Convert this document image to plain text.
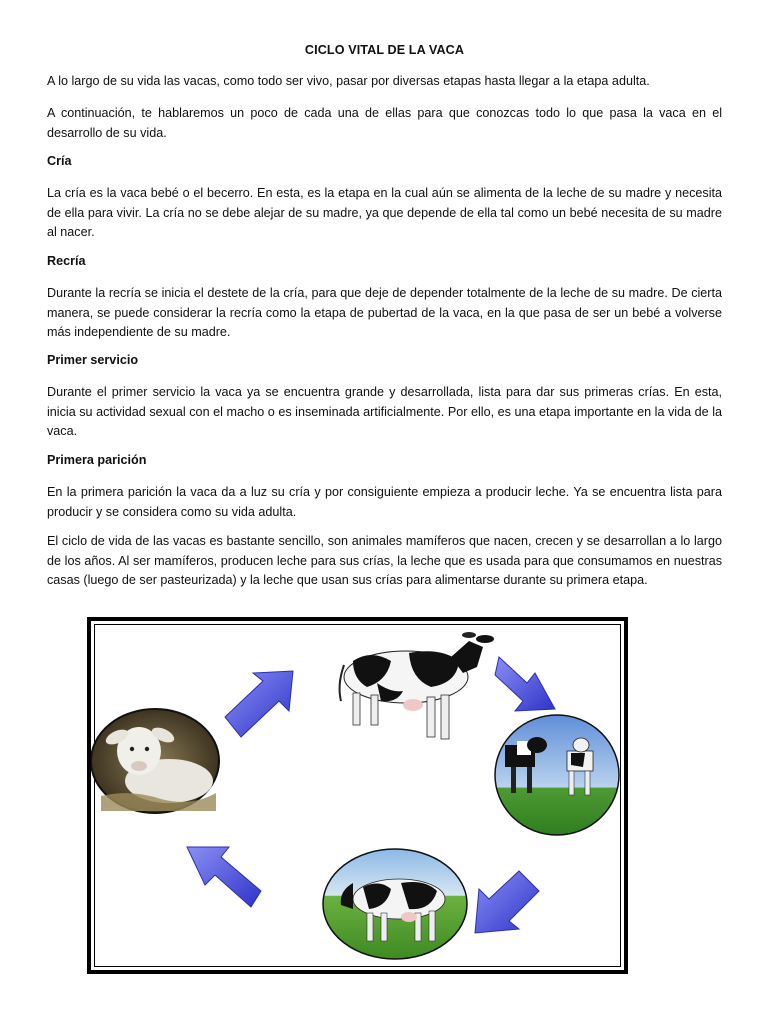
CICLO VITAL DE LA VACA

A lo largo de su vida las vacas, como todo ser vivo, pasar por diversas etapas hasta llegar a la etapa adulta.

A continuación, te hablaremos un poco de cada una de ellas para que conozcas todo lo que pasa la vaca en el desarrollo de su vida.

Cría

La cría es la vaca bebé o el becerro. En esta, es la etapa en la cual aún se alimenta de la leche de su madre y necesita de ella para vivir. La cría no se debe alejar de su madre, ya que depende de ella tal como un bebé necesita de su madre al nacer.

Recría

Durante la recría se inicia el destete de la cría, para que deje de depender totalmente de la leche de su madre. De cierta manera, se puede considerar la recría como la etapa de pubertad de la vaca, en la que pasa de ser un bebé a volverse más independiente de su madre.

Primer servicio

Durante el primer servicio la vaca ya se encuentra grande y desarrollada, lista para dar sus primeras crías. En esta, inicia su actividad sexual con el macho o es inseminada artificialmente. Por ello, es una etapa importante en la vida de la vaca.

Primera parición

En la primera parición la vaca da a luz su cría y por consiguiente empieza a producir leche. Ya se encuentra lista para producir y se considera como su vida adulta.

El ciclo de vida de las vacas es bastante sencillo, son animales mamíferos que nacen, crecen y se desarrollan a lo largo de los años. Al ser mamíferos, producen leche para sus crías, la leche que es usada para que consumamos en nuestras casas (luego de ser pasteurizada) y la leche que usan sus crías para alimentarse durante su primera etapa.
